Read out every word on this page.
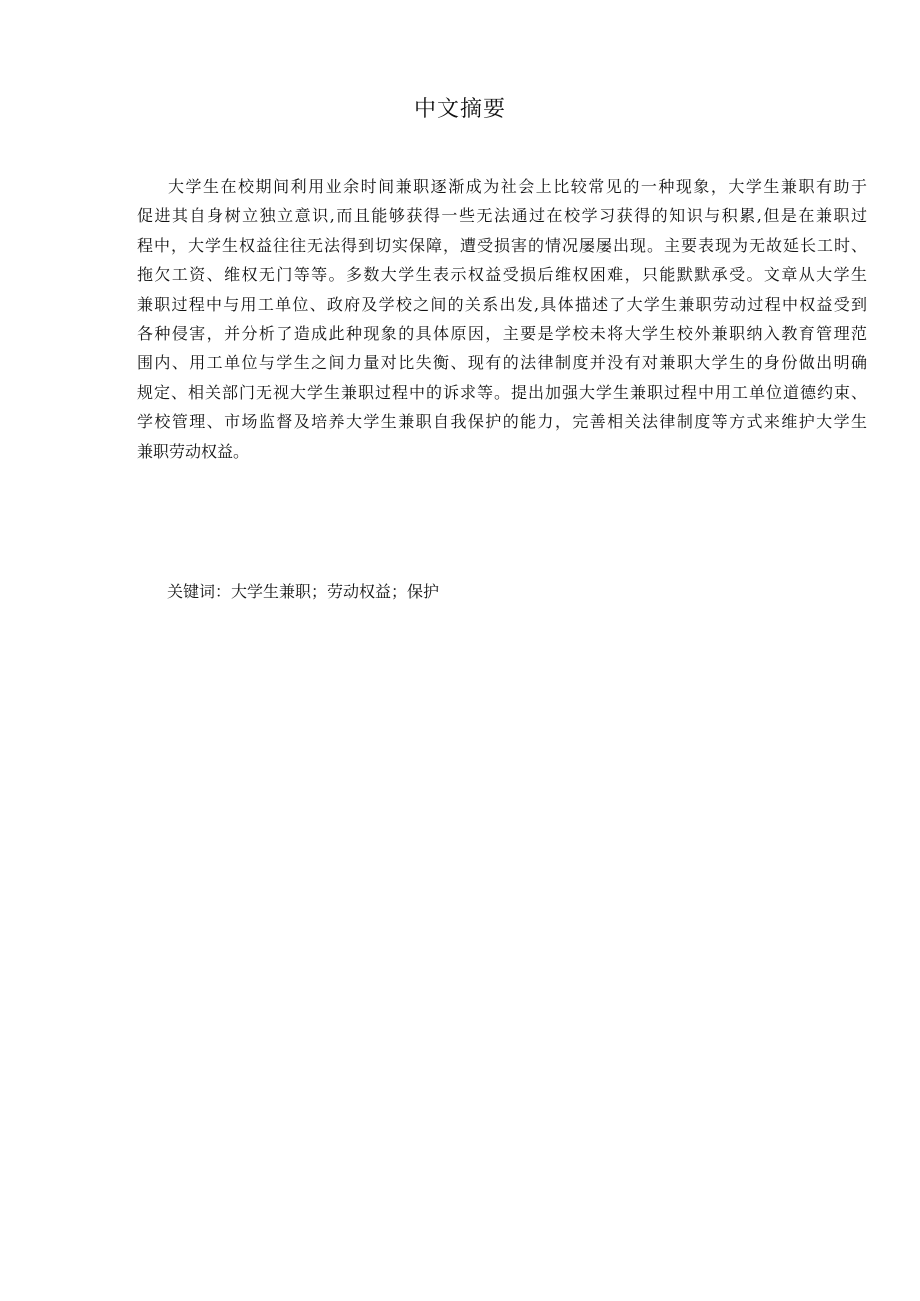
中文摘要

大学生在校期间利用业余时间兼职逐渐成为社会上比较常见的一种现象，大学生兼职有助于
促进其自身树立独立意识,而且能够获得一些无法通过在校学习获得的知识与积累,但是在兼职过
程中，大学生权益往往无法得到切实保障，遭受损害的情况屡屡出现。主要表现为无故延长工时、
拖欠工资、维权无门等等。多数大学生表示权益受损后维权困难，只能默默承受。文章从大学生
兼职过程中与用工单位、政府及学校之间的关系出发,具体描述了大学生兼职劳动过程中权益受到
各种侵害，并分析了造成此种现象的具体原因，主要是学校未将大学生校外兼职纳入教育管理范
围内、用工单位与学生之间力量对比失衡、现有的法律制度并没有对兼职大学生的身份做出明确
规定、相关部门无视大学生兼职过程中的诉求等。提出加强大学生兼职过程中用工单位道德约束、
学校管理、市场监督及培养大学生兼职自我保护的能力，完善相关法律制度等方式来维护大学生
兼职劳动权益。

关键词：大学生兼职；劳动权益；保护
